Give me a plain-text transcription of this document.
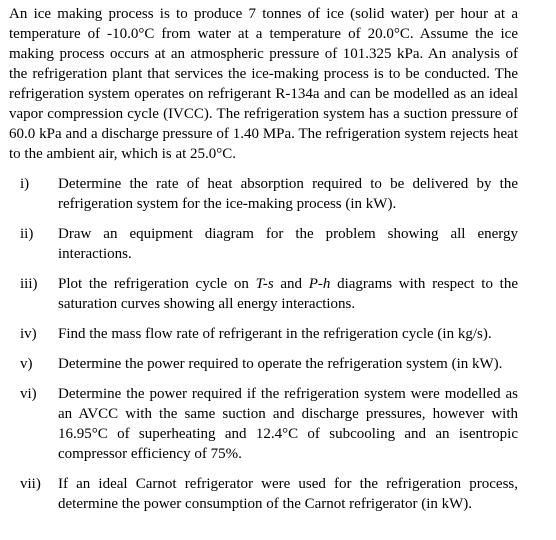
An ice making process is to produce 7 tonnes of ice (solid water) per hour at a temperature of -10.0°C from water at a temperature of 20.0°C. Assume the ice making process occurs at an atmospheric pressure of 101.325 kPa. An analysis of the refrigeration plant that services the ice-making process is to be conducted. The refrigeration system operates on refrigerant R-134a and can be modelled as an ideal vapor compression cycle (IVCC). The refrigeration system has a suction pressure of 60.0 kPa and a discharge pressure of 1.40 MPa. The refrigeration system rejects heat to the ambient air, which is at 25.0°C.

i)	Determine the rate of heat absorption required to be delivered by the refrigeration system for the ice-making process (in kW).
ii)	Draw an equipment diagram for the problem showing all energy interactions.
iii)	Plot the refrigeration cycle on T-s and P-h diagrams with respect to the saturation curves showing all energy interactions.
iv)	Find the mass flow rate of refrigerant in the refrigeration cycle (in kg/s).
v)	Determine the power required to operate the refrigeration system (in kW).
vi)	Determine the power required if the refrigeration system were modelled as an AVCC with the same suction and discharge pressures, however with 16.95°C of superheating and 12.4°C of subcooling and an isentropic compressor efficiency of 75%.
vii)	If an ideal Carnot refrigerator were used for the refrigeration process, determine the power consumption of the Carnot refrigerator (in kW).
